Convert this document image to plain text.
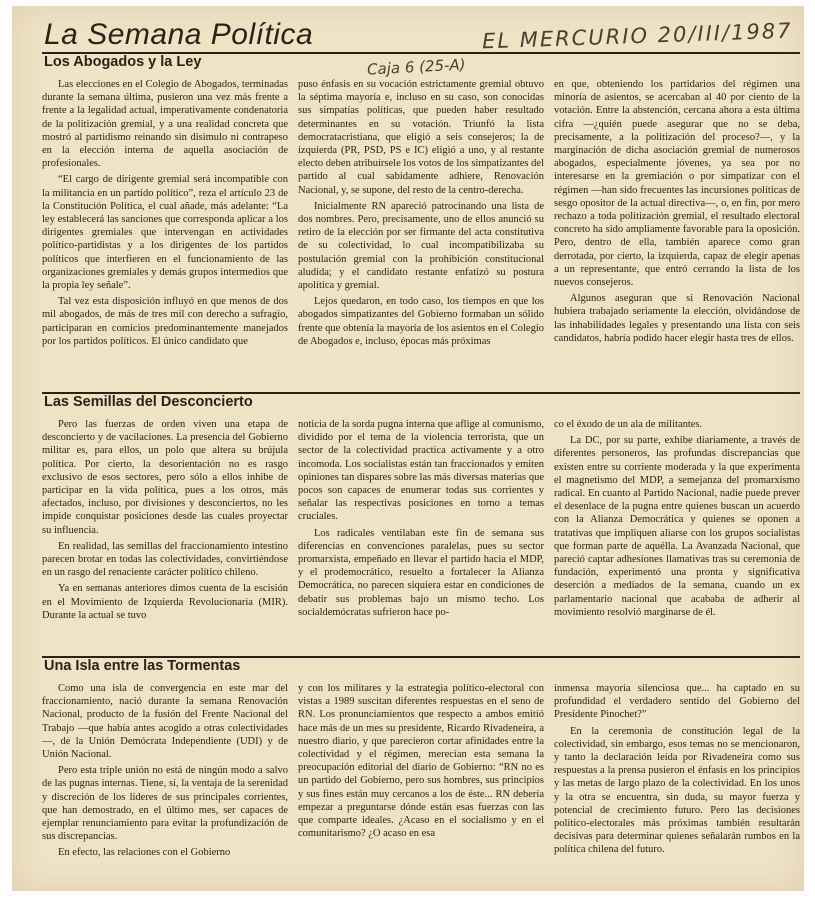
La Semana Política	EL MERCURIO 20/III/1987
Caja 6 (25-A)
Los Abogados y la Ley

Las elecciones en el Colegio de Abogados, terminadas durante la semana última, pusieron una vez más frente a frente a la legalidad actual, imperativamente condenatoria de la politización gremial, y a una realidad concreta que mostró al partidismo reinando sin disimulo ni contrapeso en la elección interna de aquella asociación de profesionales.

“El cargo de dirigente gremial será incompatible con la militancia en un partido político”, reza el artículo 23 de la Constitución Política, el cual añade, más adelante: “La ley establecerá las sanciones que corresponda aplicar a los dirigentes gremiales que intervengan en actividades político-partidistas y a los dirigentes de los partidos políticos que interfieren en el funcionamiento de las organizaciones gremiales y demás grupos intermedios que la propia ley señale”.

Tal vez esta disposición influyó en que menos de dos mil abogados, de más de tres mil con derecho a sufragio, participaran en comicios predominantemente manejados por los partidos políticos. El único candidato que

puso énfasis en su vocación estrictamente gremial obtuvo la séptima mayoría e, incluso en su caso, son conocidas sus simpatías políticas, que pueden haber resultado determinantes en su votación. Triunfó la lista democratacristiana, que eligió a seis consejeros; la de izquierda (PR, PSD, PS e IC) eligió a uno, y al restante electo deben atribuírsele los votos de los simpatizantes del partido al cual sabidamente adhiere, Renovación Nacional, y, se supone, del resto de la centro-derecha.

Inicialmente RN apareció patrocinando una lista de dos nombres. Pero, precisamente, uno de ellos anunció su retiro de la elección por ser firmante del acta constitutiva de su colectividad, lo cual incompatibilizaba su postulación gremial con la prohibición constitucional aludida; y el candidato restante enfatizó su postura apolítica y gremial.

Lejos quedaron, en todo caso, los tiempos en que los abogados simpatizantes del Gobierno formaban un sólido frente que obtenía la mayoría de los asientos en el Colegio de Abogados e, incluso, épocas más próximas

en que, obteniendo los partidarios del régimen una minoría de asientos, se acercaban al 40 por ciento de la votación. Entre la abstención, cercana ahora a esta última cifra —¿quién puede asegurar que no se deba, precisamente, a la politización del proceso?—, y la marginación de dicha asociación gremial de numerosos abogados, especialmente jóvenes, ya sea por no interesarse en la gremiación o por simpatizar con el régimen —han sido frecuentes las incursiones políticas de sesgo opositor de la actual directiva—, o, en fin, por mero rechazo a toda politización gremial, el resultado electoral concreto ha sido ampliamente favorable para la oposición. Pero, dentro de ella, también aparece como gran derrotada, por cierto, la izquierda, capaz de elegir apenas a un representante, que entró cerrando la lista de los nuevos consejeros.

Algunos aseguran que si Renovación Nacional hubiera trabajado seriamente la elección, olvidándose de las inhabilidades legales y presentando una lista con seis candidatos, habría podido hacer elegir hasta tres de ellos.

Las Semillas del Desconcierto

Pero las fuerzas de orden viven una etapa de desconcierto y de vacilaciones. La presencia del Gobierno militar es, para ellos, un polo que altera su brújula política. Por cierto, la desorientación no es rasgo exclusivo de esos sectores, pero sólo a ellos inhibe de participar en la vida política, pues a los otros, más afectados, incluso, por divisiones y desconciertos, no les impide conquistar posiciones desde las cuales proyectar su influencia.

En realidad, las semillas del fraccionamiento intestino parecen brotar en todas las colectividades, convirtiéndose en un rasgo del renaciente carácter político chileno.

Ya en semanas anteriores dimos cuenta de la escisión en el Movimiento de Izquierda Revolucionaria (MIR). Durante la actual se tuvo

noticia de la sorda pugna interna que aflige al comunismo, dividido por el tema de la violencia terrorista, que un sector de la colectividad practica activamente y a otro incomoda. Los socialistas están tan fraccionados y emiten opiniones tan dispares sobre las más diversas materias que pocos son capaces de enumerar todas sus corrientes y señalar las respectivas posiciones en torno a temas cruciales.

Los radicales ventilaban este fin de semana sus diferencias en convenciones paralelas, pues su sector promarxista, empeñado en llevar el partido hacia el MDP, y el prodemocrático, resuelto a fortalecer la Alianza Democrática, no parecen siquiera estar en condiciones de debatir sus problemas bajo un mismo techo. Los socialdemócratas sufrieron hace po-

co el éxodo de un ala de militantes.

La DC, por su parte, exhibe diariamente, a través de diferentes personeros, las profundas discrepancias que existen entre su corriente moderada y la que experimenta el magnetismo del MDP, a semejanza del promarxismo radical. En cuanto al Partido Nacional, nadie puede prever el desenlace de la pugna entre quienes buscan un acuerdo con la Alianza Democrática y quienes se oponen a tratativas que impliquen aliarse con los grupos socialistas que forman parte de aquélla. La Avanzada Nacional, que pareció captar adhesiones llamativas tras su ceremonia de fundación, experimentó una pronta y significativa deserción a mediados de la semana, cuando un ex parlamentario nacional que acababa de adherir al movimiento resolvió marginarse de él.

Una Isla entre las Tormentas

Como una isla de convergencia en este mar del fraccionamiento, nació durante la semana Renovación Nacional, producto de la fusión del Frente Nacional del Trabajo —que había antes acogido a otras colectividades—, de la Unión Demócrata Independiente (UDI) y de Unión Nacional.

Pero esta triple unión no está de ningún modo a salvo de las pugnas internas. Tiene, sí, la ventaja de la serenidad y discreción de los líderes de sus principales corrientes, que han demostrado, en el último mes, ser capaces de ejemplar renunciamiento para evitar la profundización de sus discrepancias.

En efecto, las relaciones con el Gobierno

y con los militares y la estrategia político-electoral con vistas a 1989 suscitan diferentes respuestas en el seno de RN. Los pronunciamientos que respecto a ambos emitió hace más de un mes su presidente, Ricardo Rivadeneira, a nuestro diario, y que parecieron cortar afinidades entre la colectividad y el régimen, merecían esta semana la preocupación editorial del diario de Gobierno: “RN no es un partido del Gobierno, pero sus hombres, sus principios y sus fines están muy cercanos a los de éste... RN debería empezar a preguntarse dónde están esas fuerzas con las que comparte ideales. ¿Acaso en el socialismo y en el comunitarismo? ¿O acaso en esa

inmensa mayoría silenciosa que... ha captado en su profundidad el verdadero sentido del Gobierno del Presidente Pinochet?”

En la ceremonia de constitución legal de la colectividad, sin embargo, esos temas no se mencionaron, y tanto la declaración leída por Rivadeneira como sus respuestas a la prensa pusieron el énfasis en los principios y las metas de largo plazo de la colectividad. En los unos y la otra se encuentra, sin duda, su mayor fuerza y potencial de crecimiento futuro. Pero las decisiones político-electorales más próximas también resultarán decisivas para determinar quienes señalarán rumbos en la política chilena del futuro.
